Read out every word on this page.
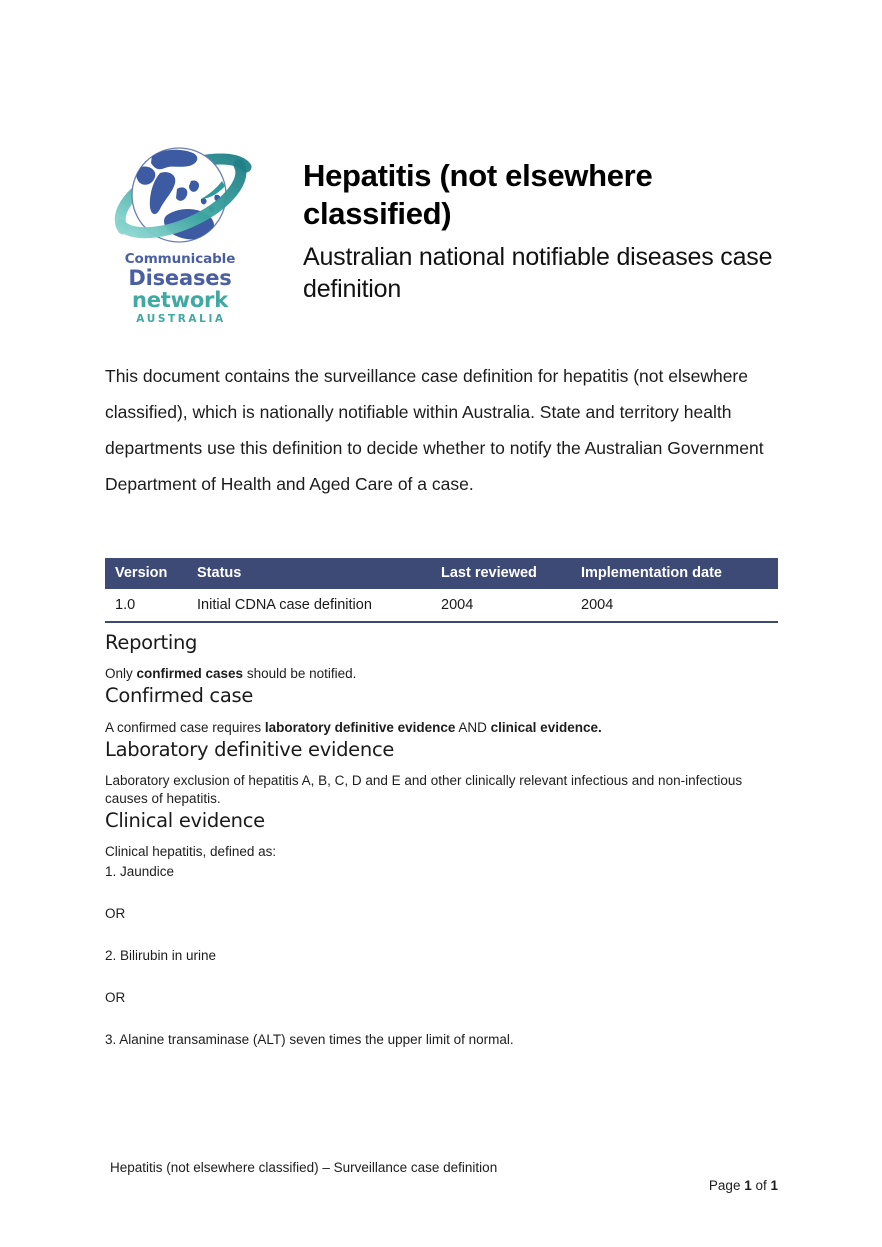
Communicable
Diseases
network
AUSTRALIA
Hepatitis (not elsewhere classified)
Australian national notifiable diseases case definition

This document contains the surveillance case definition for hepatitis (not elsewhere classified), which is nationally notifiable within Australia. State and territory health departments use this definition to decide whether to notify the Australian Government Department of Health and Aged Care of a case.

Version	Status	Last reviewed	Implementation date
1.0	Initial CDNA case definition	2004	2004
Reporting

Only confirmed cases should be notified.

Confirmed case

A confirmed case requires laboratory definitive evidence AND clinical evidence.

Laboratory definitive evidence

Laboratory exclusion of hepatitis A, B, C, D and E and other clinically relevant infectious and non-infectious causes of hepatitis.

Clinical evidence

Clinical hepatitis, defined as:

1. Jaundice

OR

2. Bilirubin in urine

OR

3. Alanine transaminase (ALT) seven times the upper limit of normal.

Hepatitis (not elsewhere classified) – Surveillance case definition
Page 1 of 1
